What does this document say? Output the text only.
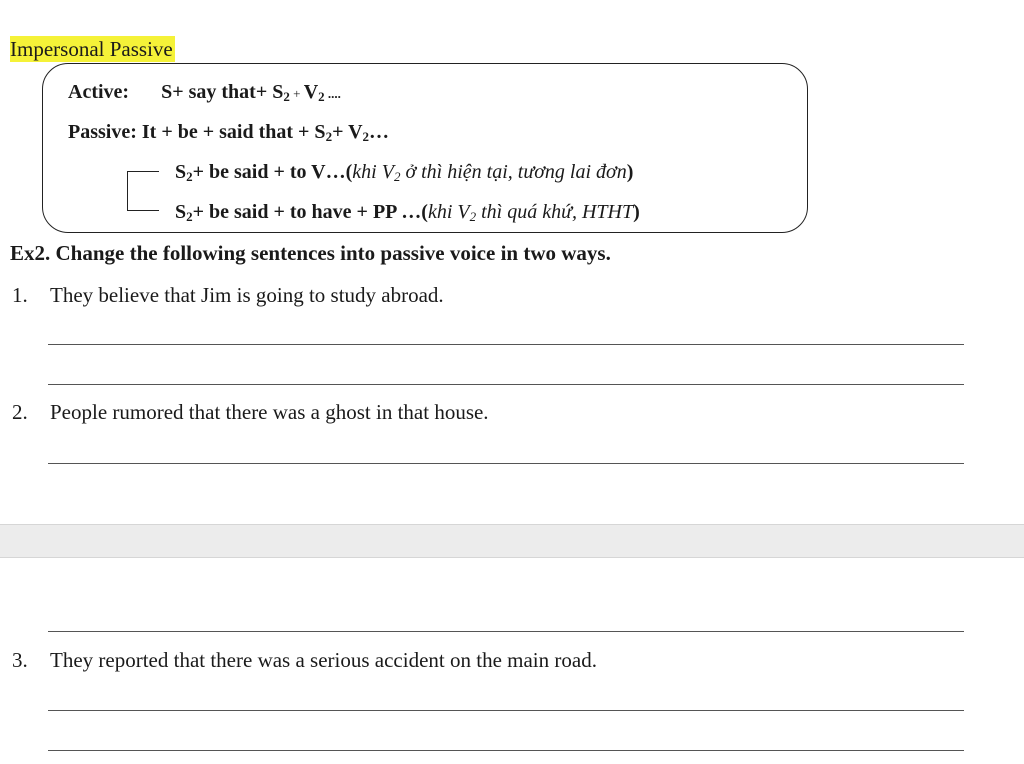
Impersonal Passive
Active: S+ say that+ $S_2 + V_2$ ....
Passive: It + be + said that + $S_2+$ $V_2\dots$
$S_2+$ be said + to V…(khi V2 ở thì hiện tại, tương lai đơn)
$S_2+$ be said + to have + PP …(khi V2 thì quá khứ, HTHT)
Ex2. Change the following sentences into passive voice in two ways.
1. They believe that Jim is going to study abroad.
2. People rumored that there was a ghost in that house.
3. They reported that there was a serious accident on the main road.
